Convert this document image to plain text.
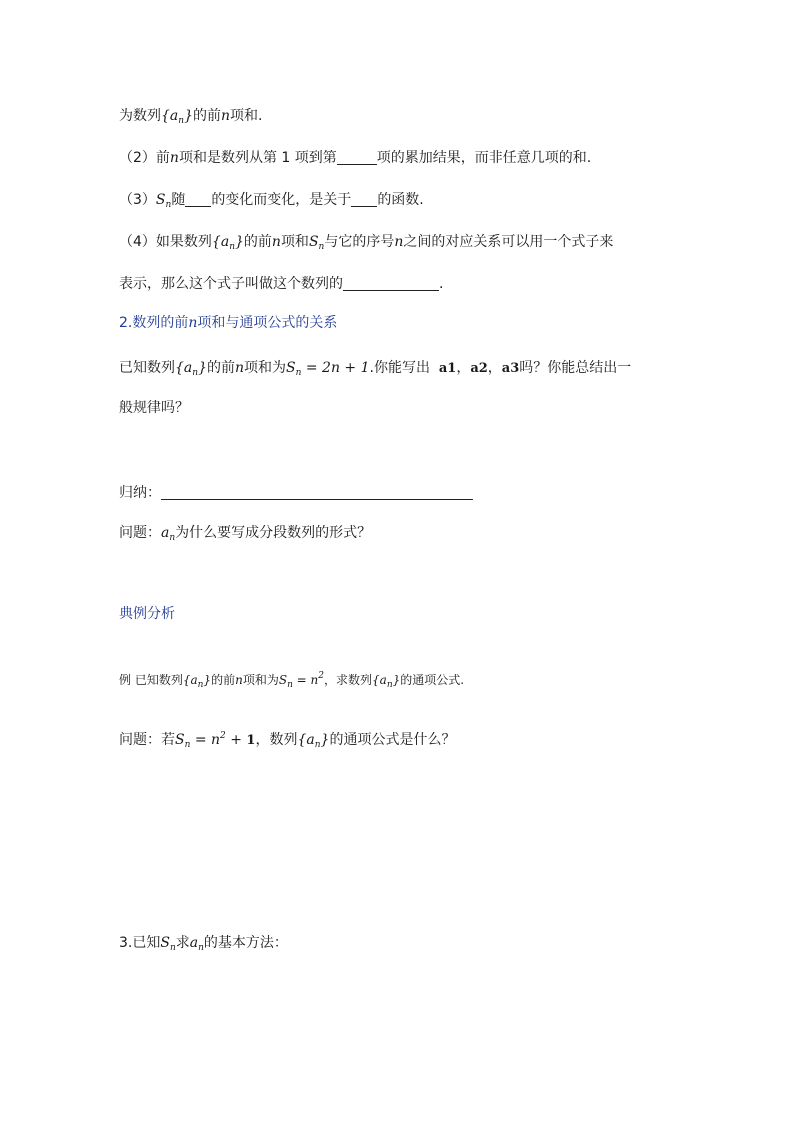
为数列$\{a_n\}$的前n项和.
（2）前n项和是数列从第 1 项到第	项的累加结果，而非任意几项的和.
$(3)S_n$随 的变化而变化，是关于 的函数.
（4）如果数列$\{a_n\}$的前n项和$S_n$与它的序号n之间的对应关系可以用一个式子来
表示，那么这个式子叫做这个数列的	.
2.数列的前n项和与通项公式的关系
已知数列$\{a_n\}$的前n项和为$S_n = 2n + 1$.你能写出 a1，a2，a3吗？你能总结出一
般规律吗？
归纳：
问题：$a_n$为什么要写成分段数列的形式？
典例分析
例 已知数列$\{a_n\}$的前n项和为$S_n = n^2$，求数列$\{a_n\}$的通项公式.
问题：若$S_n = n^2 + 1$，数列$\{a_n\}$的通项公式是什么？
3.已知$S_n$求$a_n$的基本方法：
